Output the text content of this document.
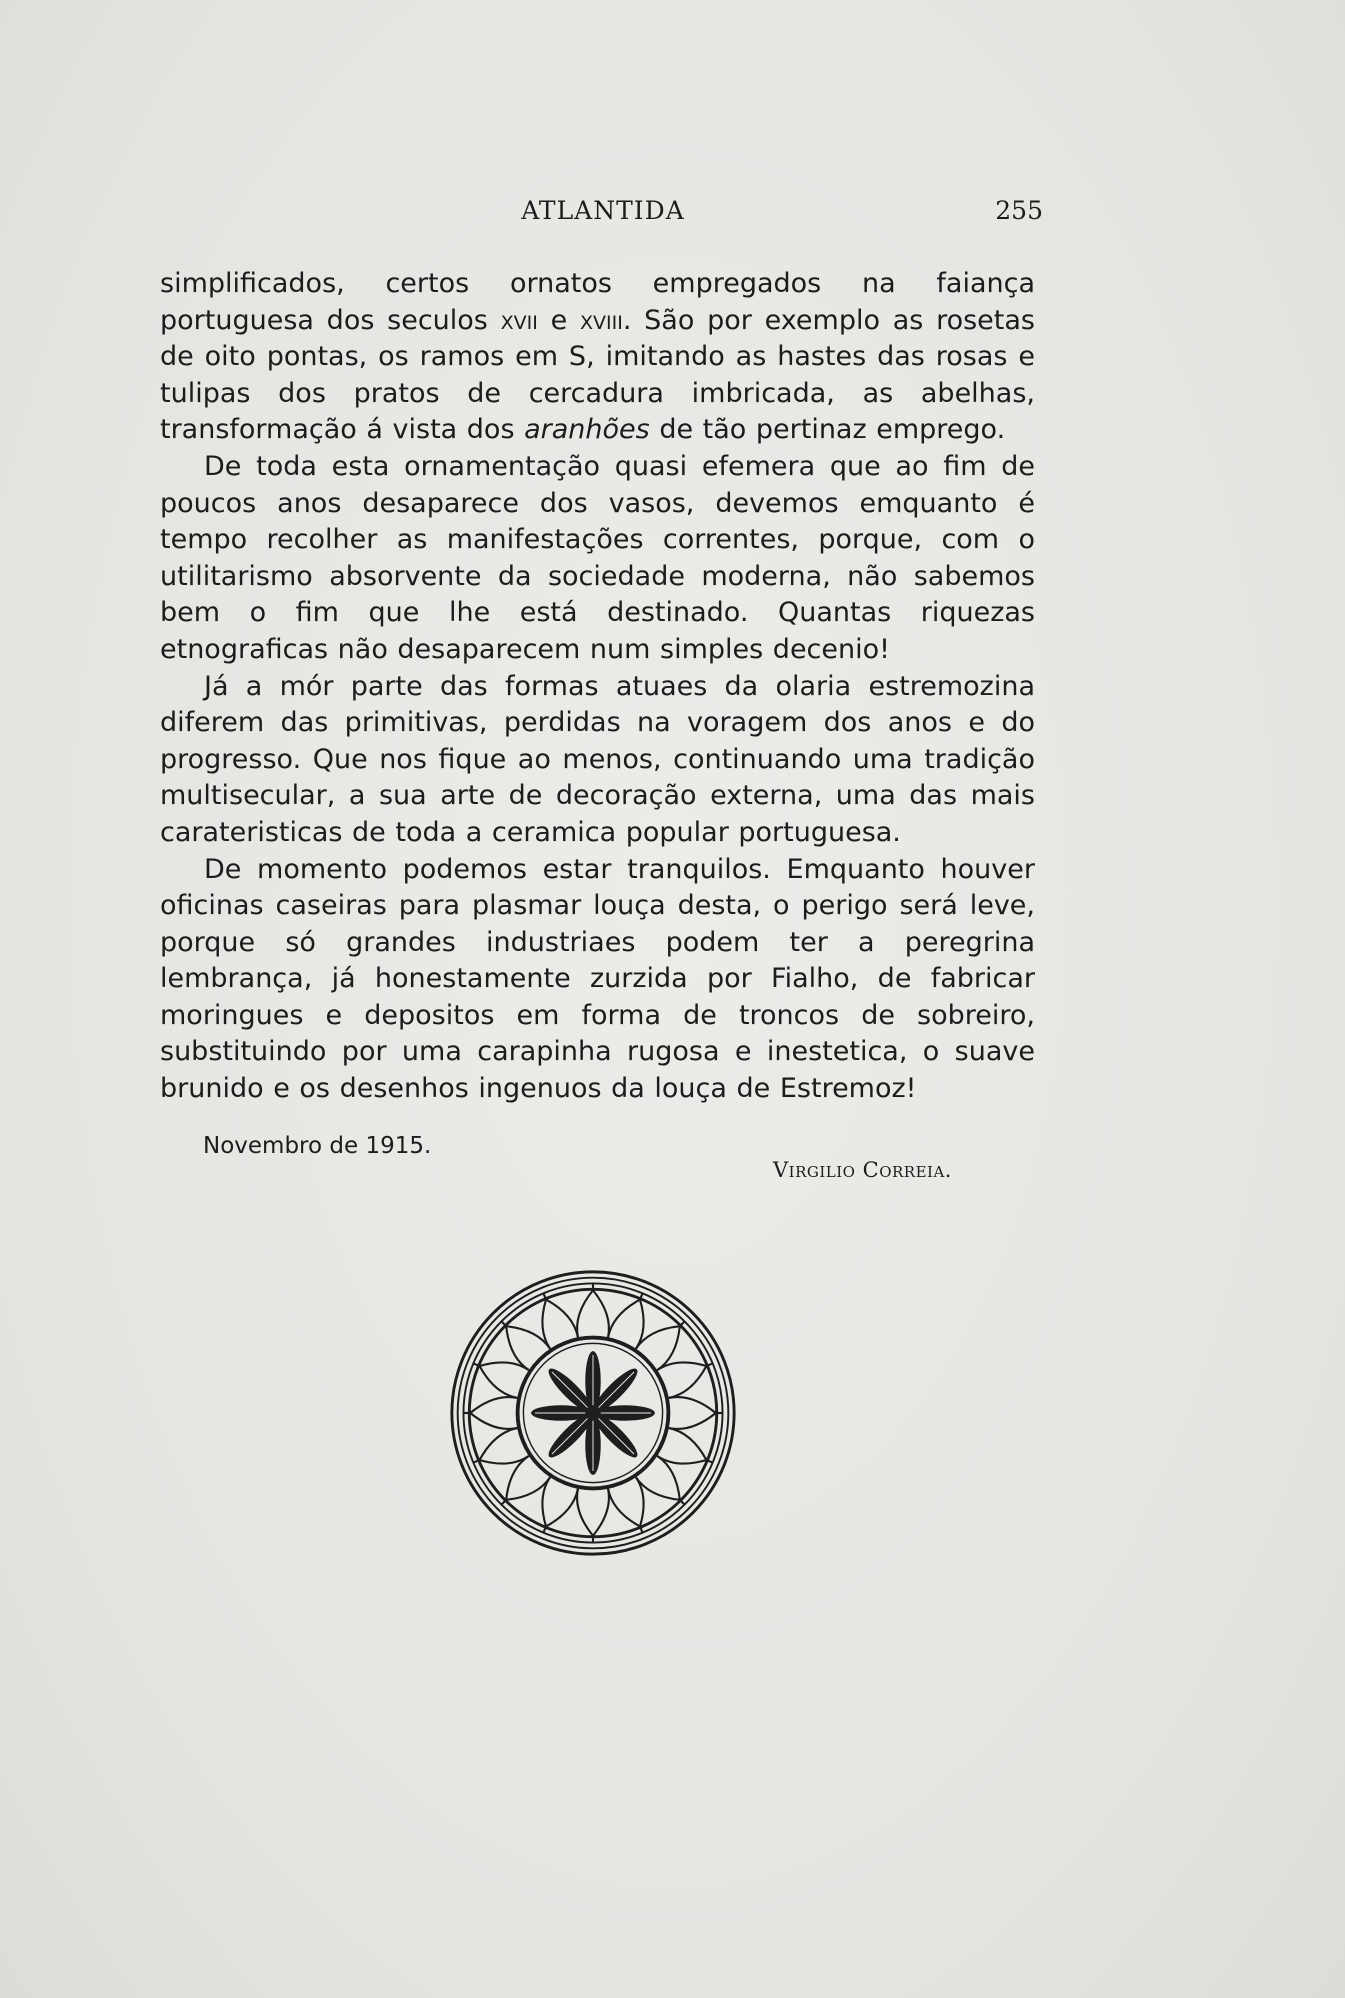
ATLANTIDA	255

simplificados, certos ornatos empregados na faiança portuguesa dos seculos xvii e xviii. São por exemplo as rosetas de oito pontas, os ramos em S, imitando as hastes das rosas e tulipas dos pratos de cercadura imbricada, as abelhas, transformação á vista dos aranhões de tão pertinaz emprego.

De toda esta ornamentação quasi efemera que ao fim de poucos anos desaparece dos vasos, devemos emquanto é tempo recolher as manifestações correntes, porque, com o utilitarismo absorvente da sociedade moderna, não sabemos bem o fim que lhe está destinado. Quantas riquezas etnograficas não desaparecem num simples decenio!

Já a mór parte das formas atuaes da olaria estremozina diferem das primitivas, perdidas na voragem dos anos e do progresso. Que nos fique ao menos, continuando uma tradição multisecular, a sua arte de decoração externa, uma das mais carateristicas de toda a ceramica popular portuguesa.

De momento podemos estar tranquilos. Emquanto houver oficinas caseiras para plasmar louça desta, o perigo será leve, porque só grandes industriaes podem ter a peregrina lembrança, já honestamente zurzida por Fialho, de fabricar moringues e depositos em forma de troncos de sobreiro, substituindo por uma carapinha rugosa e inestetica, o suave brunido e os desenhos ingenuos da louça de Estremoz!

Novembro de 1915.
Virgilio Correia.
